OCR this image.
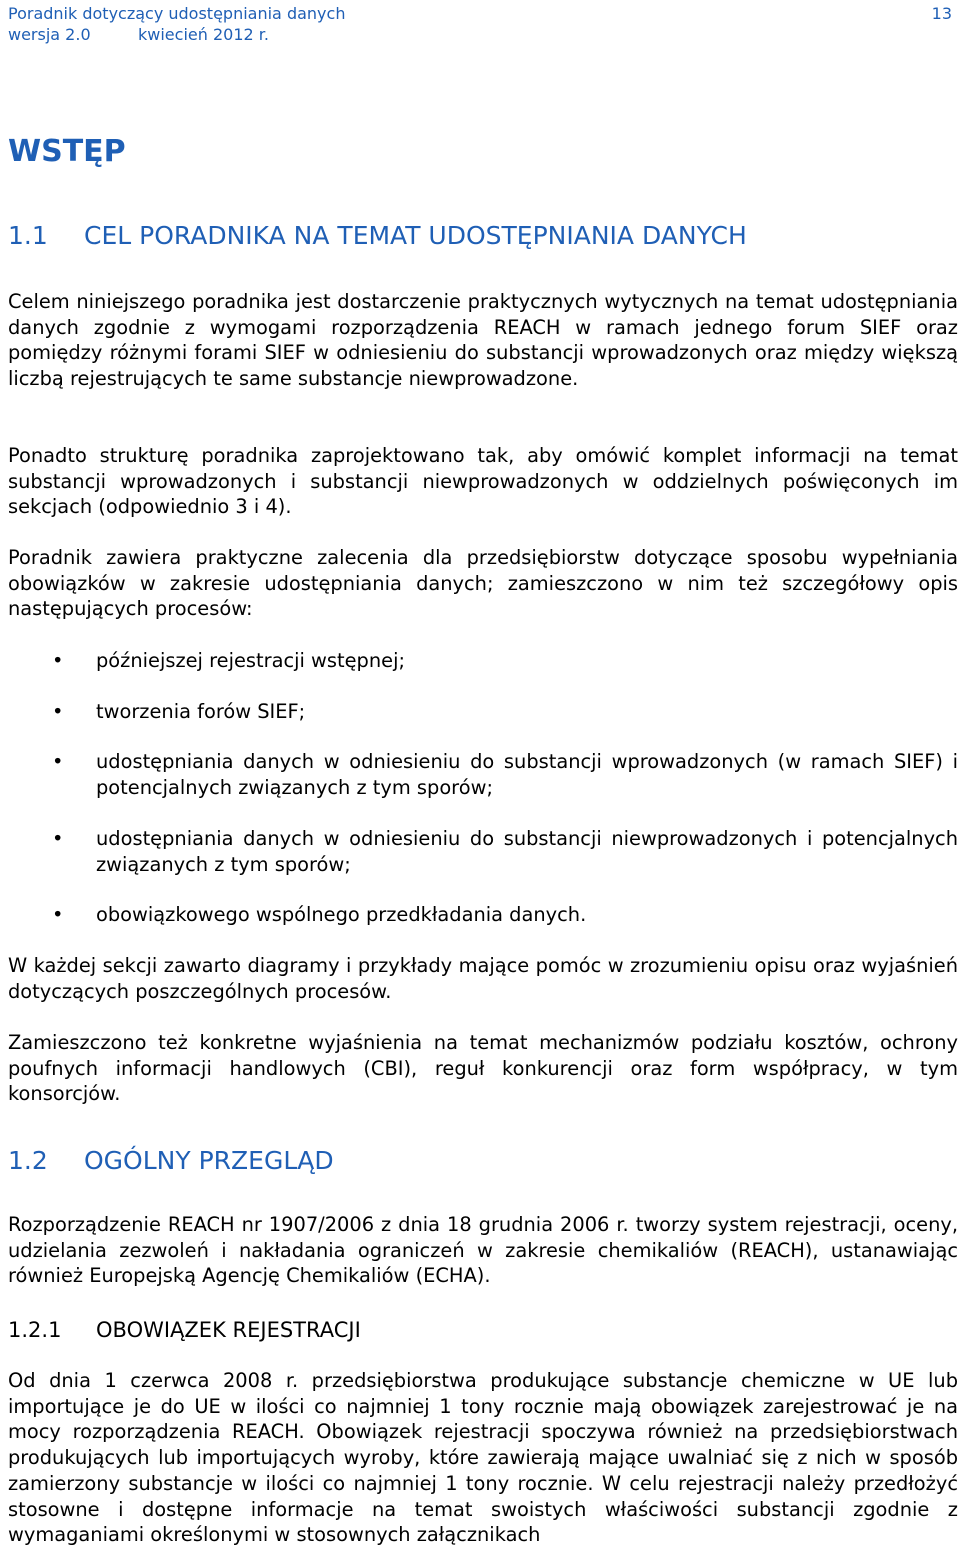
Poradnik dotyczący udostępniania danych	13
wersja 2.0	kwiecień 2012 r.
WSTĘP
1.1 CEL PORADNIKA NA TEMAT UDOSTĘPNIANIA DANYCH

Celem niniejszego poradnika jest dostarczenie praktycznych wytycznych na temat udostępniania danych zgodnie z wymogami rozporządzenia REACH w ramach jednego forum SIEF oraz pomiędzy różnymi forami SIEF w odniesieniu do substancji wprowadzonych oraz między większą liczbą rejestrujących te same substancje niewprowadzone.

Ponadto strukturę poradnika zaprojektowano tak, aby omówić komplet informacji na temat substancji wprowadzonych i substancji niewprowadzonych w oddzielnych poświęconych im sekcjach (odpowiednio 3 i 4).

Poradnik zawiera praktyczne zalecenia dla przedsiębiorstw dotyczące sposobu wypełniania obowiązków w zakresie udostępniania danych; zamieszczono w nim też szczegółowy opis następujących procesów:

• późniejszej rejestracji wstępnej;
• tworzenia forów SIEF;
• udostępniania danych w odniesieniu do substancji wprowadzonych (w ramach SIEF) i potencjalnych związanych z tym sporów;
• udostępniania danych w odniesieniu do substancji niewprowadzonych i potencjalnych związanych z tym sporów;
• obowiązkowego wspólnego przedkładania danych.

W każdej sekcji zawarto diagramy i przykłady mające pomóc w zrozumieniu opisu oraz wyjaśnień dotyczących poszczególnych procesów.

Zamieszczono też konkretne wyjaśnienia na temat mechanizmów podziału kosztów, ochrony poufnych informacji handlowych (CBI), reguł konkurencji oraz form współpracy, w tym konsorcjów.

1.2 OGÓLNY PRZEGLĄD

Rozporządzenie REACH nr 1907/2006 z dnia 18 grudnia 2006 r. tworzy system rejestracji, oceny, udzielania zezwoleń i nakładania ograniczeń w zakresie chemikaliów (REACH), ustanawiając również Europejską Agencję Chemikaliów (ECHA).

1.2.1 OBOWIĄZEK REJESTRACJI

Od dnia 1 czerwca 2008 r. przedsiębiorstwa produkujące substancje chemiczne w UE lub importujące je do UE w ilości co najmniej 1 tony rocznie mają obowiązek zarejestrować je na mocy rozporządzenia REACH. Obowiązek rejestracji spoczywa również na przedsiębiorstwach produkujących lub importujących wyroby, które zawierają mające uwalniać się z nich w sposób zamierzony substancje w ilości co najmniej 1 tony rocznie. W celu rejestracji należy przedłożyć stosowne i dostępne informacje na temat swoistych właściwości substancji zgodnie z wymaganiami określonymi w stosownych załącznikach
